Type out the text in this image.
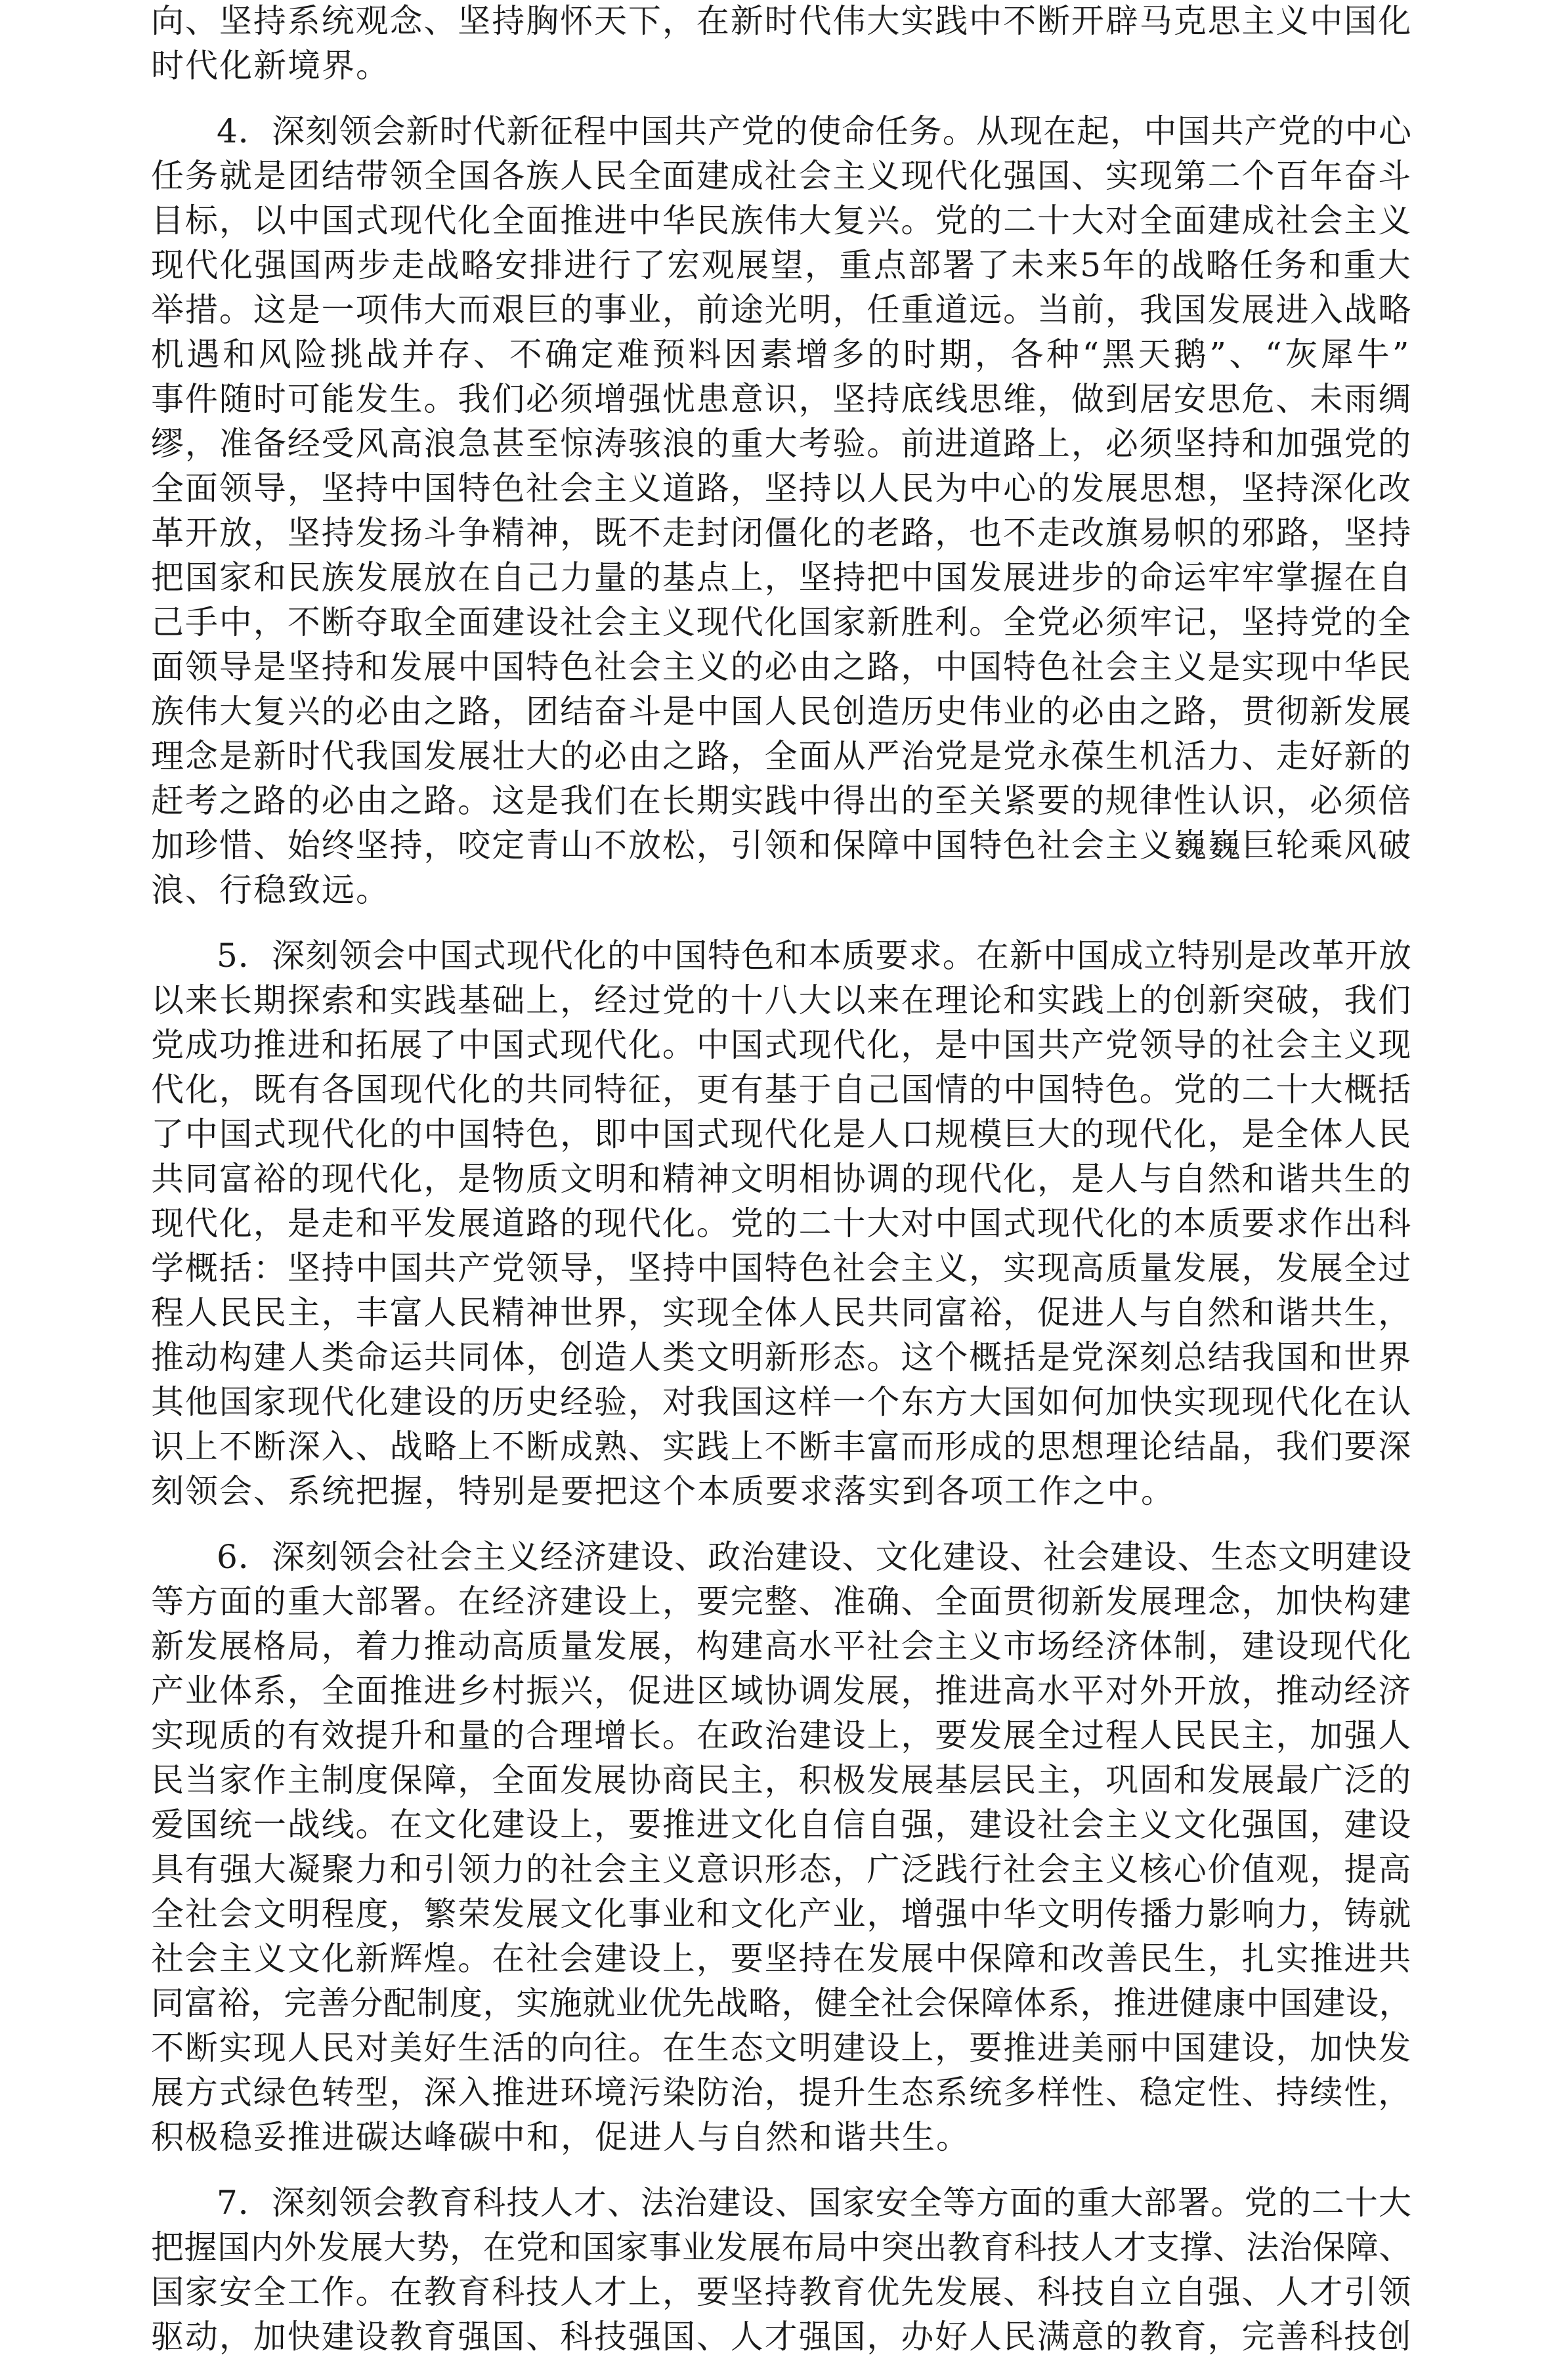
向、坚持系统观念、坚持胸怀天下，在新时代伟大实践中不断开辟马克思主义中国化
时代化新境界。
4．深刻领会新时代新征程中国共产党的使命任务。从现在起，中国共产党的中心
任务就是团结带领全国各族人民全面建成社会主义现代化强国、实现第二个百年奋斗
目标，以中国式现代化全面推进中华民族伟大复兴。党的二十大对全面建成社会主义
现代化强国两步走战略安排进行了宏观展望，重点部署了未来5年的战略任务和重大
举措。这是一项伟大而艰巨的事业，前途光明，任重道远。当前，我国发展进入战略
机遇和风险挑战并存、不确定难预料因素增多的时期，各种“黑天鹅”、“灰犀牛”
事件随时可能发生。我们必须增强忧患意识，坚持底线思维，做到居安思危、未雨绸
缪，准备经受风高浪急甚至惊涛骇浪的重大考验。前进道路上，必须坚持和加强党的
全面领导，坚持中国特色社会主义道路，坚持以人民为中心的发展思想，坚持深化改
革开放，坚持发扬斗争精神，既不走封闭僵化的老路，也不走改旗易帜的邪路，坚持
把国家和民族发展放在自己力量的基点上，坚持把中国发展进步的命运牢牢掌握在自
己手中，不断夺取全面建设社会主义现代化国家新胜利。全党必须牢记，坚持党的全
面领导是坚持和发展中国特色社会主义的必由之路，中国特色社会主义是实现中华民
族伟大复兴的必由之路，团结奋斗是中国人民创造历史伟业的必由之路，贯彻新发展
理念是新时代我国发展壮大的必由之路，全面从严治党是党永葆生机活力、走好新的
赶考之路的必由之路。这是我们在长期实践中得出的至关紧要的规律性认识，必须倍
加珍惜、始终坚持，咬定青山不放松，引领和保障中国特色社会主义巍巍巨轮乘风破
浪、行稳致远。
5．深刻领会中国式现代化的中国特色和本质要求。在新中国成立特别是改革开放
以来长期探索和实践基础上，经过党的十八大以来在理论和实践上的创新突破，我们
党成功推进和拓展了中国式现代化。中国式现代化，是中国共产党领导的社会主义现
代化，既有各国现代化的共同特征，更有基于自己国情的中国特色。党的二十大概括
了中国式现代化的中国特色，即中国式现代化是人口规模巨大的现代化，是全体人民
共同富裕的现代化，是物质文明和精神文明相协调的现代化，是人与自然和谐共生的
现代化，是走和平发展道路的现代化。党的二十大对中国式现代化的本质要求作出科
学概括：坚持中国共产党领导，坚持中国特色社会主义，实现高质量发展，发展全过
程人民民主，丰富人民精神世界，实现全体人民共同富裕，促进人与自然和谐共生，
推动构建人类命运共同体，创造人类文明新形态。这个概括是党深刻总结我国和世界
其他国家现代化建设的历史经验，对我国这样一个东方大国如何加快实现现代化在认
识上不断深入、战略上不断成熟、实践上不断丰富而形成的思想理论结晶，我们要深
刻领会、系统把握，特别是要把这个本质要求落实到各项工作之中。
6．深刻领会社会主义经济建设、政治建设、文化建设、社会建设、生态文明建设
等方面的重大部署。在经济建设上，要完整、准确、全面贯彻新发展理念，加快构建
新发展格局，着力推动高质量发展，构建高水平社会主义市场经济体制，建设现代化
产业体系，全面推进乡村振兴，促进区域协调发展，推进高水平对外开放，推动经济
实现质的有效提升和量的合理增长。在政治建设上，要发展全过程人民民主，加强人
民当家作主制度保障，全面发展协商民主，积极发展基层民主，巩固和发展最广泛的
爱国统一战线。在文化建设上，要推进文化自信自强，建设社会主义文化强国，建设
具有强大凝聚力和引领力的社会主义意识形态，广泛践行社会主义核心价值观，提高
全社会文明程度，繁荣发展文化事业和文化产业，增强中华文明传播力影响力，铸就
社会主义文化新辉煌。在社会建设上，要坚持在发展中保障和改善民生，扎实推进共
同富裕，完善分配制度，实施就业优先战略，健全社会保障体系，推进健康中国建设，
不断实现人民对美好生活的向往。在生态文明建设上，要推进美丽中国建设，加快发
展方式绿色转型，深入推进环境污染防治，提升生态系统多样性、稳定性、持续性，
积极稳妥推进碳达峰碳中和，促进人与自然和谐共生。
7．深刻领会教育科技人才、法治建设、国家安全等方面的重大部署。党的二十大
把握国内外发展大势，在党和国家事业发展布局中突出教育科技人才支撑、法治保障、
国家安全工作。在教育科技人才上，要坚持教育优先发展、科技自立自强、人才引领
驱动，加快建设教育强国、科技强国、人才强国，办好人民满意的教育，完善科技创
